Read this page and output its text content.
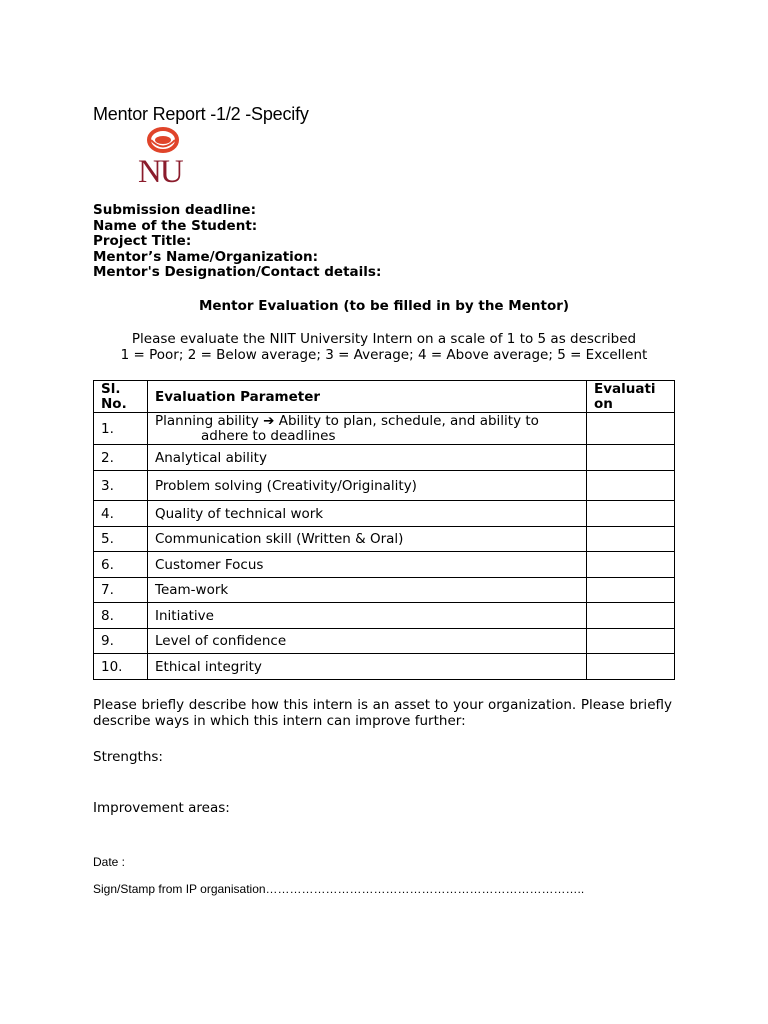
Mentor Report -1/2 -Specify
NU
Submission deadline:
Name of the Student:
Project Title:
Mentor’s Name/Organization:
Mentor's Designation/Contact details:
Mentor Evaluation (to be filled in by the Mentor)
Please evaluate the NIIT University Intern on a scale of 1 to 5 as described
1 = Poor; 2 = Below average; 3 = Average; 4 = Above average; 5 = Excellent
Sl.
No.	Evaluation Parameter	Evaluati
on
1.	Planning ability ➔ Ability to plan, schedule, and ability to
adhere to deadlines	
2.	Analytical ability	
3.	Problem solving (Creativity/Originality)	
4.	Quality of technical work	
5.	Communication skill (Written & Oral)	
6.	Customer Focus	
7.	Team-work	
8.	Initiative	
9.	Level of confidence	
10.	Ethical integrity	
Please briefly describe how this intern is an asset to your organization. Please briefly describe ways in which this intern can improve further:
Strengths:
Improvement areas:
Date :
Sign/Stamp from IP organisation……………………………………………………………………..
